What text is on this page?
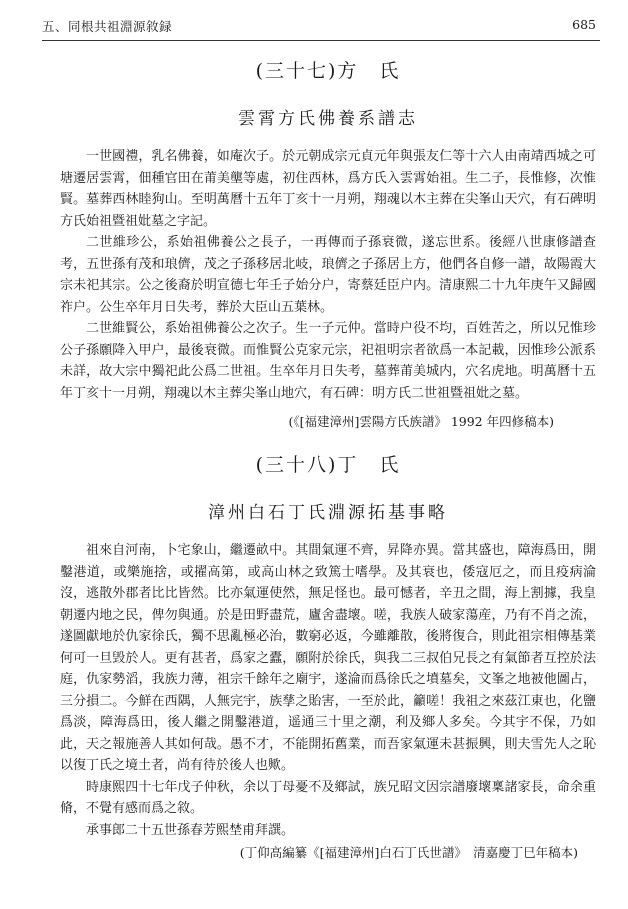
五、同根共祖淵源敘録	685
(三十七)方　氏
雲霄方氏佛養系譜志

一世國禮，乳名佛養，如庵次子。於元朝成宗元貞元年與張友仁等十六人由南靖西城之可塘遷居雲霄，佃種官田在莆美壟等處，初住西林，爲方氏入雲霄始祖。生二子，長惟修，次惟賢。墓葬西林睦狗山。至明萬曆十五年丁亥十一月朔，翔魂以木主葬在尖峯山天穴，有石碑明方氏始祖暨祖妣墓之字記。

二世維珍公，系始祖佛養公之長子，一再傳而子孫衰微，遂忘世系。後經八世康修譜查考，五世孫有茂和琅儕，茂之子孫移居北岐，琅儕之子孫居上方，他們各自修一譜，故陽霞大宗未祀其宗。公之後裔於明宣德七年壬子始分户，寄蔡廷臣户内。清康熙二十九年庚午又歸國祚户。公生卒年月日失考，葬於大臣山五葉林。

二世維賢公，系始祖佛養公之次子。生一子元仲。當時户役不均，百姓苦之，所以兄惟珍公子孫願降入甲户，最後衰微。而惟賢公克家元宗，祀祖明宗者欲爲一本記載，因惟珍公派系未詳，故大宗中獨祀此公爲二世祖。生卒年月日失考，墓葬莆美城内，穴名虎地。明萬曆十五年丁亥十一月朔，翔魂以木主葬尖峯山地穴，有石碑：明方氏二世祖暨祖妣之墓。

(《[福建漳州]雲陽方氏族譜》 1992 年四修稿本)
(三十八)丁　氏
漳州白石丁氏淵源拓基事略

祖來自河南，卜宅象山，繼遷畝中。其間氣運不齊，昇降亦異。當其盛也，障海爲田，開鑿港道，或樂施捨，或擢高第，或高山林之致篤士嗜學。及其衰也，倭寇厄之，而且疫病淪沒，逃散外郡者比比皆然。比亦氣運使然，無足怪也。最可憾者，辛丑之間，海上割據，我皇朝遷内地之民，俾勿與通。於是田野盡荒，廬舍盡壞。嗟，我族人破家蕩産，乃有不肖之流，遂圖獻地於仇家徐氏，獨不思亂極必治，數窮必返，今雖離散，後將復合，則此祖宗相傳基業何可一旦毁於人。更有甚者，爲家之蠹，願附於徐氏，與我二三叔伯兄長之有氣節者互控於法庭，仇家勢滔，我族力薄，祖宗千餘年之廟宇，遂淪而爲徐氏之墳墓矣，文峯之地被他圖占，三分損二。今鮮在西隅，人無完宇，族孳之貽害，一至於此，籲嗟！我祖之來茲江東也，化鹽爲淡，障海爲田，後人繼之開鑿港道，遥通三十里之潮，利及鄉人多矣。今其宇不保，乃如此，天之報施善人其如何哉。愚不才，不能開拓舊業，而吾家氣運未甚振興，則夫雪先人之恥以復丁氏之境土者，尚有待於後人也歟。

時康熙四十七年戊子仲秋，余以丁母憂不及鄉試，族兄昭文因宗譜廢壞稟諸家長，命余重脩，不覺有感而爲之敘。

承事郎二十五世孫春芳熙埜甫拜譔。

(丁仰高編纂《[福建漳州]白石丁氏世譜》　清嘉慶丁巳年稿本)
